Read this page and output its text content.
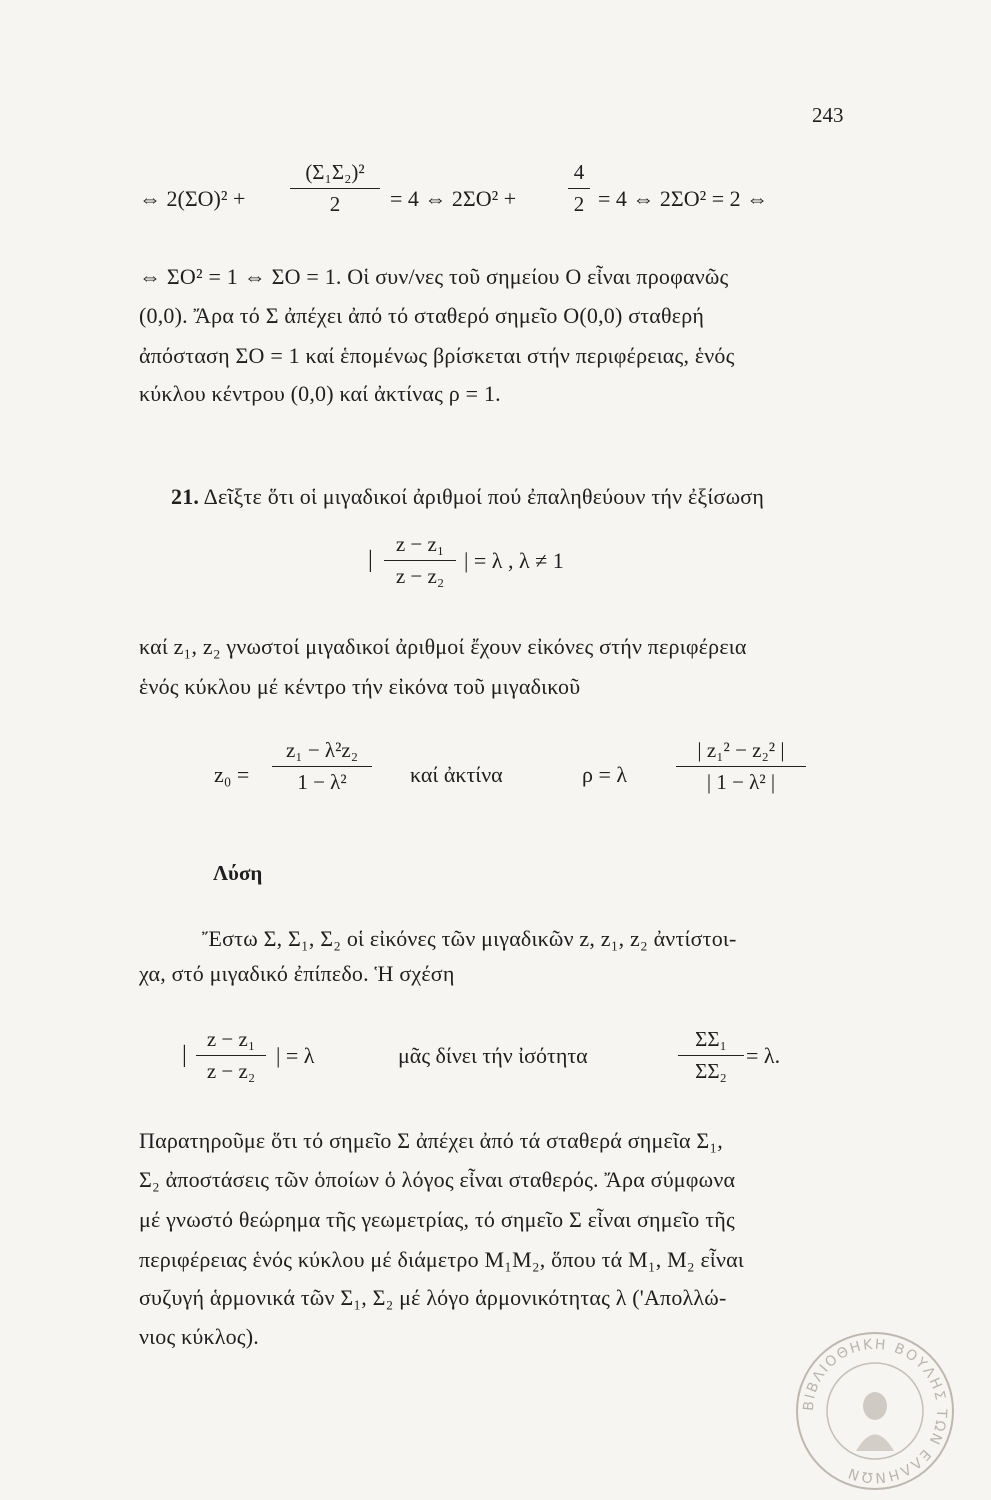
243
⇔ 2(ΣΟ)² +
(Σ₁Σ₂)²
2	= 4 ⇔ 2ΣΟ² +
4
2 = 4 ⇔ 2ΣΟ² = 2 ⇔
⇔ ΣΟ² = 1 ⇔ ΣΟ = 1. Οἱ συν/νες τοῦ σημείου Ο εἶναι προφανῶς
(0,0). Ἄρα τό Σ ἀπέχει ἀπό τό σταθερό σημεῖο Ο(0,0) σταθερή
ἀπόσταση ΣΟ = 1 καί ἑπομένως βρίσκεται στήν περιφέρειας, ἑνός
κύκλου κέντρου (0,0) καί ἀκτίνας ρ = 1.
21. Δεῖξτε ὅτι οἱ μιγαδικοί ἀριθμοί πού ἐπαληθεύουν τήν ἐξίσωση
|
z − z₁
z − z₂
| = λ , λ ≠ 1
καί z₁, z₂ γνωστοί μιγαδικοί ἀριθμοί ἔχουν εἰκόνες στήν περιφέρεια
ἑνός κύκλου μέ κέντρο τήν εἰκόνα τοῦ μιγαδικοῦ
z₀ =
z₁ − λ²z₂
1 − λ²	καί ἀκτίνα	ρ = λ
| z₁² − z₂² |
| 1 − λ² |
Λύση
Ἔστω Σ, Σ₁, Σ₂ οἱ εἰκόνες τῶν μιγαδικῶν z, z₁, z₂ ἀντίστοι-
χα, στό μιγαδικό ἐπίπεδο. Ἡ σχέση
|
z − z₁
z − z₂
| = λ	μᾶς δίνει τήν ἰσότητα
ΣΣ₁
ΣΣ₂
= λ.
Παρατηροῦμε ὅτι τό σημεῖο Σ ἀπέχει ἀπό τά σταθερά σημεῖα Σ₁,
Σ₂ ἀποστάσεις τῶν ὁποίων ὁ λόγος εἶναι σταθερός. Ἄρα σύμφωνα
μέ γνωστό θεώρημα τῆς γεωμετρίας, τό σημεῖο Σ εἶναι σημεῖο τῆς
περιφέρειας ἑνός κύκλου μέ διάμετρο Μ₁Μ₂, ὅπου τά Μ₁, Μ₂ εἶναι
συζυγή ἁρμονικά τῶν Σ₁, Σ₂ μέ λόγο ἁρμονικότητας λ ('Απολλώ-
νιος κύκλος).
ΒΙΒΛΙΟΘΗΚΗ ΒΟΥΛΗΣ ΤΩΝ ΕΛΛΗΝΩΝ
